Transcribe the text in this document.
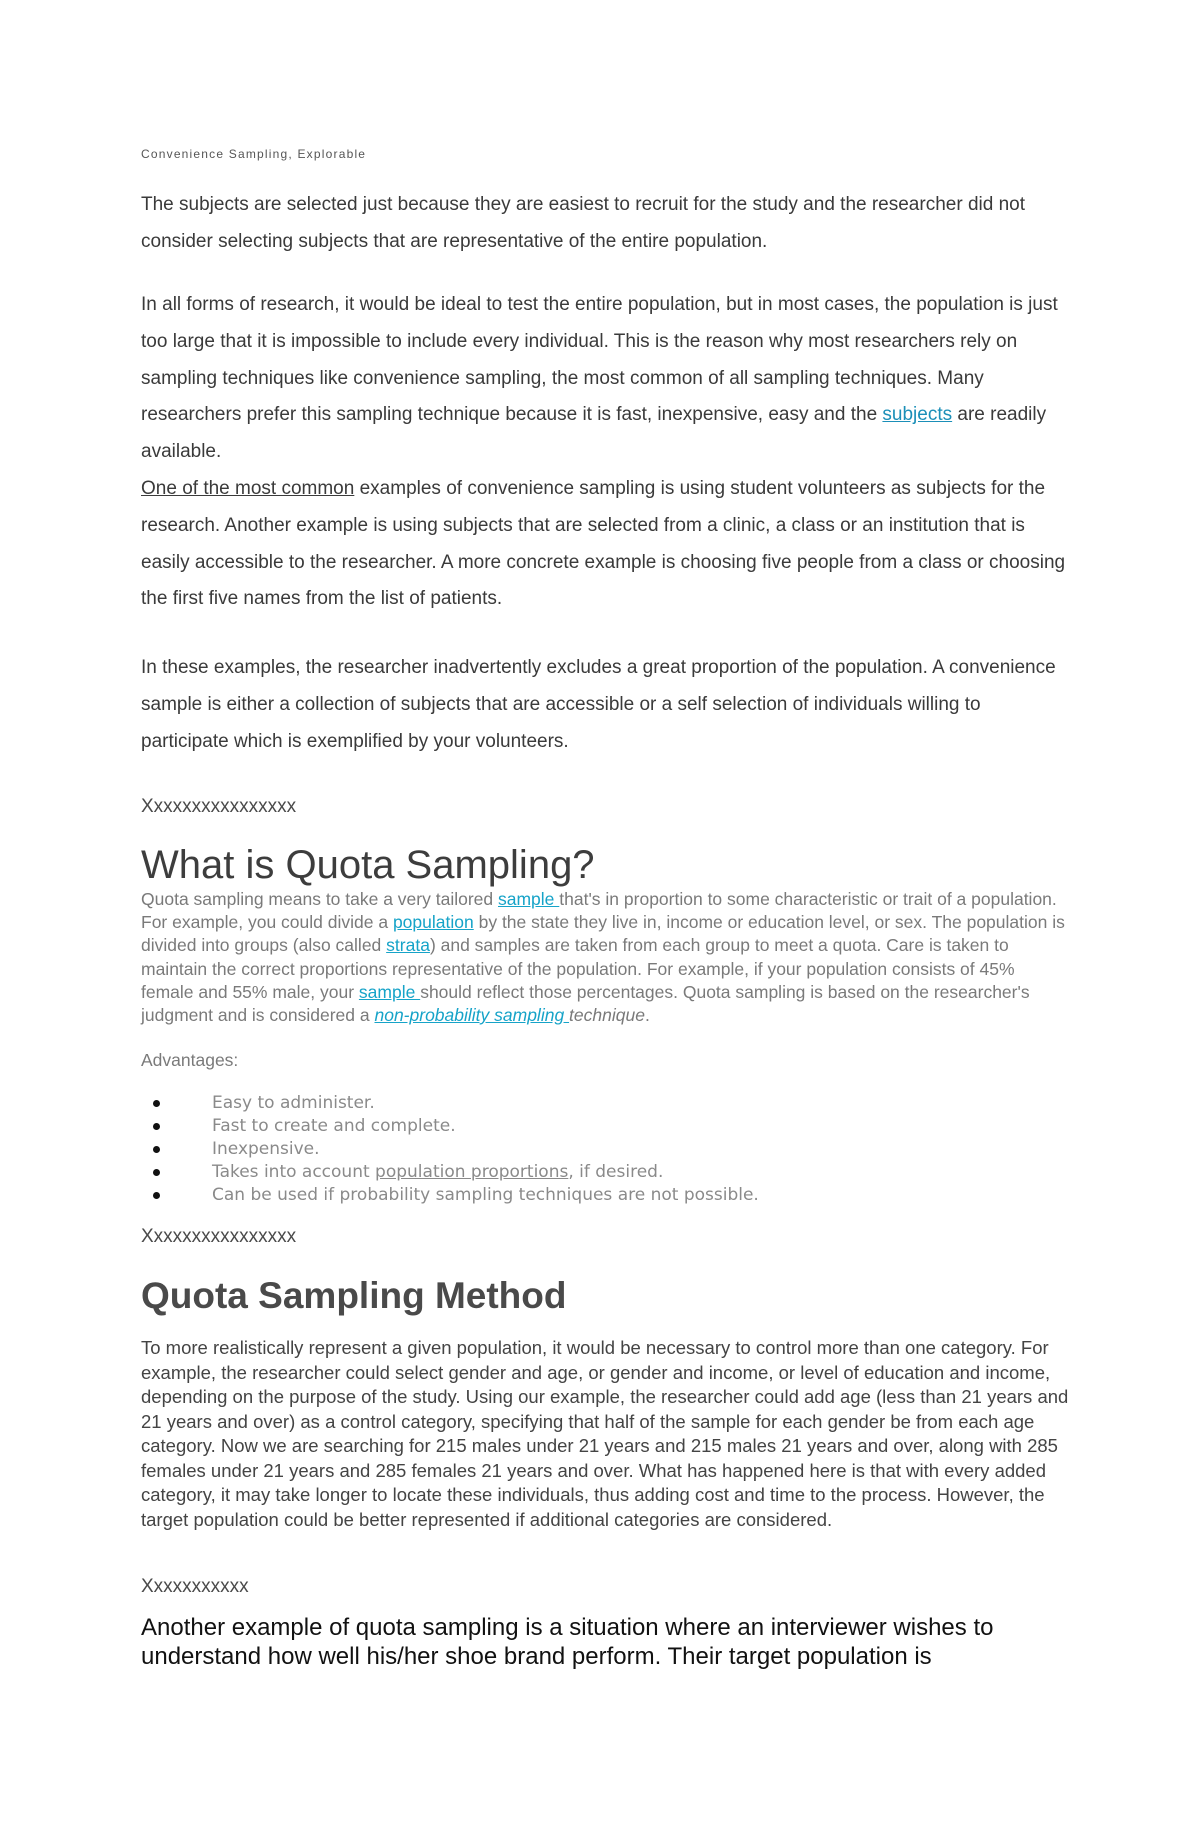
Convenience Sampling, Explorable

The subjects are selected just because they are easiest to recruit for the study and the researcher did not consider selecting subjects that are representative of the entire population.

In all forms of research, it would be ideal to test the entire population, but in most cases, the population is just too large that it is impossible to include every individual. This is the reason why most researchers rely on sampling techniques like convenience sampling, the most common of all sampling techniques. Many researchers prefer this sampling technique because it is fast, inexpensive, easy and the subjects are readily available.

One of the most common examples of convenience sampling is using student volunteers as subjects for the research. Another example is using subjects that are selected from a clinic, a class or an institution that is easily accessible to the researcher. A more concrete example is choosing five people from a class or choosing the first five names from the list of patients.

In these examples, the researcher inadvertently excludes a great proportion of the population. A convenience sample is either a collection of subjects that are accessible or a self selection of individuals willing to participate which is exemplified by your volunteers.

Xxxxxxxxxxxxxxxx
What is Quota Sampling?

Quota sampling means to take a very tailored sample that's in proportion to some characteristic or trait of a population. For example, you could divide a population by the state they live in, income or education level, or sex. The population is divided into groups (also called strata) and samples are taken from each group to meet a quota. Care is taken to maintain the correct proportions representative of the population. For example, if your population consists of 45% female and 55% male, your sample should reflect those percentages. Quota sampling is based on the researcher's judgment and is considered a non-probability sampling technique.

Advantages:
Easy to administer.
Fast to create and complete.
Inexpensive.
Takes into account population proportions, if desired.
Can be used if probability sampling techniques are not possible.
Xxxxxxxxxxxxxxxx
Quota Sampling Method

To more realistically represent a given population, it would be necessary to control more than one category. For example, the researcher could select gender and age, or gender and income, or level of education and income, depending on the purpose of the study. Using our example, the researcher could add age (less than 21 years and 21 years and over) as a control category, specifying that half of the sample for each gender be from each age category. Now we are searching for 215 males under 21 years and 215 males 21 years and over, along with 285 females under 21 years and 285 females 21 years and over. What has happened here is that with every added category, it may take longer to locate these individuals, thus adding cost and time to the process. However, the target population could be better represented if additional categories are considered.

Xxxxxxxxxxx

Another example of quota sampling is a situation where an interviewer wishes to understand how well his/her shoe brand perform. Their target population is
